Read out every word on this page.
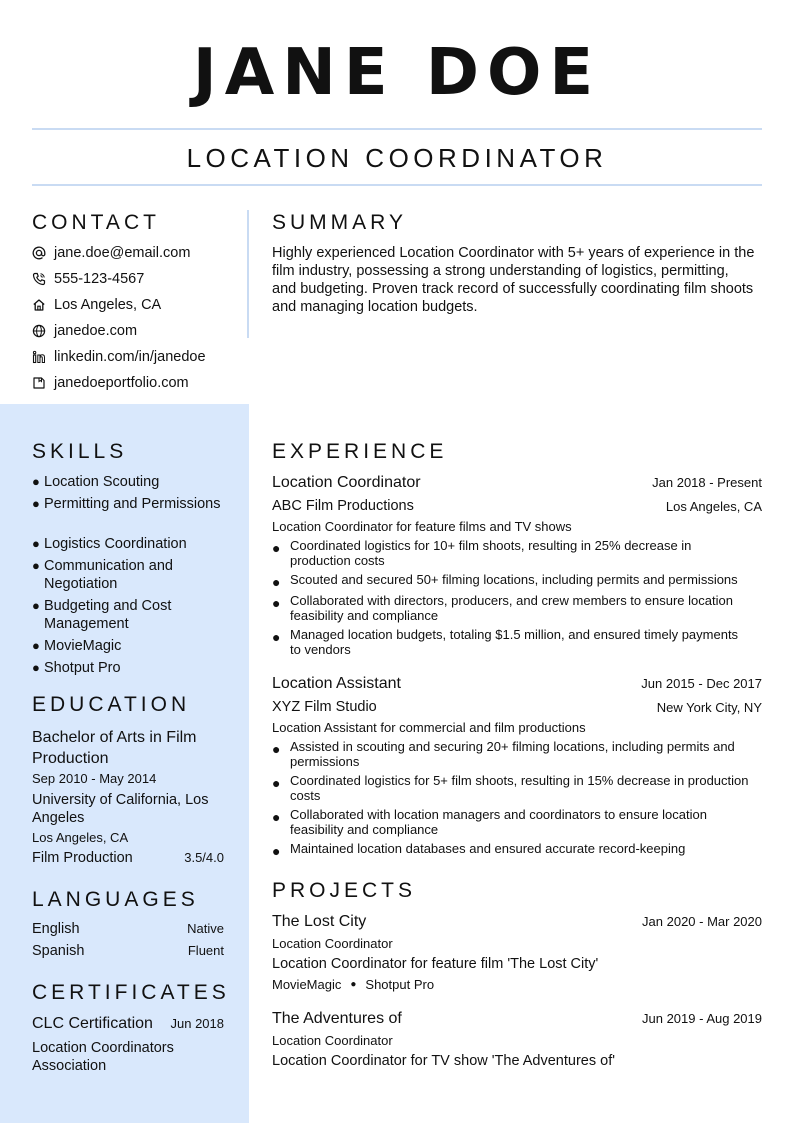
JANE DOE
LOCATION COORDINATOR
CONTACT
jane.doe@email.com
555-123-4567
Los Angeles, CA
janedoe.com
linkedin.com/in/janedoe
janedoeportfolio.com
SUMMARY
Highly experienced Location Coordinator with 5+ years of experience in the film industry, possessing a strong understanding of logistics, permitting, and budgeting. Proven track record of successfully coordinating film shoots and managing location budgets.
SKILLS
● Location Scouting
● Permitting and Permissions
● Logistics Coordination
● Communication and Negotiation
● Budgeting and Cost Management
● MovieMagic
● Shotput Pro
EDUCATION
Bachelor of Arts in Film Production
Sep 2010 - May 2014
University of California, Los Angeles
Los Angeles, CA
Film Production	3.5/4.0
LANGUAGES
English	Native
Spanish	Fluent
CERTIFICATES
CLC Certification Jun 2018
Location Coordinators Association
EXPERIENCE
Location Coordinator	Jan 2018 - Present
ABC Film Productions	Los Angeles, CA
Location Coordinator for feature films and TV shows
● Coordinated logistics for 10+ film shoots, resulting in 25% decrease in production costs
● Scouted and secured 50+ filming locations, including permits and permissions
● Collaborated with directors, producers, and crew members to ensure location feasibility and compliance
● Managed location budgets, totaling $1.5 million, and ensured timely payments to vendors
Location Assistant	Jun 2015 - Dec 2017
XYZ Film Studio	New York City, NY
Location Assistant for commercial and film productions
● Assisted in scouting and securing 20+ filming locations, including permits and permissions
● Coordinated logistics for 5+ film shoots, resulting in 15% decrease in production costs
● Collaborated with location managers and coordinators to ensure location feasibility and compliance
● Maintained location databases and ensured accurate record-keeping
PROJECTS
The Lost City	Jan 2020 - Mar 2020
Location Coordinator
Location Coordinator for feature film 'The Lost City'
MovieMagic ● Shotput Pro
The Adventures of	Jun 2019 - Aug 2019
Location Coordinator
Location Coordinator for TV show 'The Adventures of'
